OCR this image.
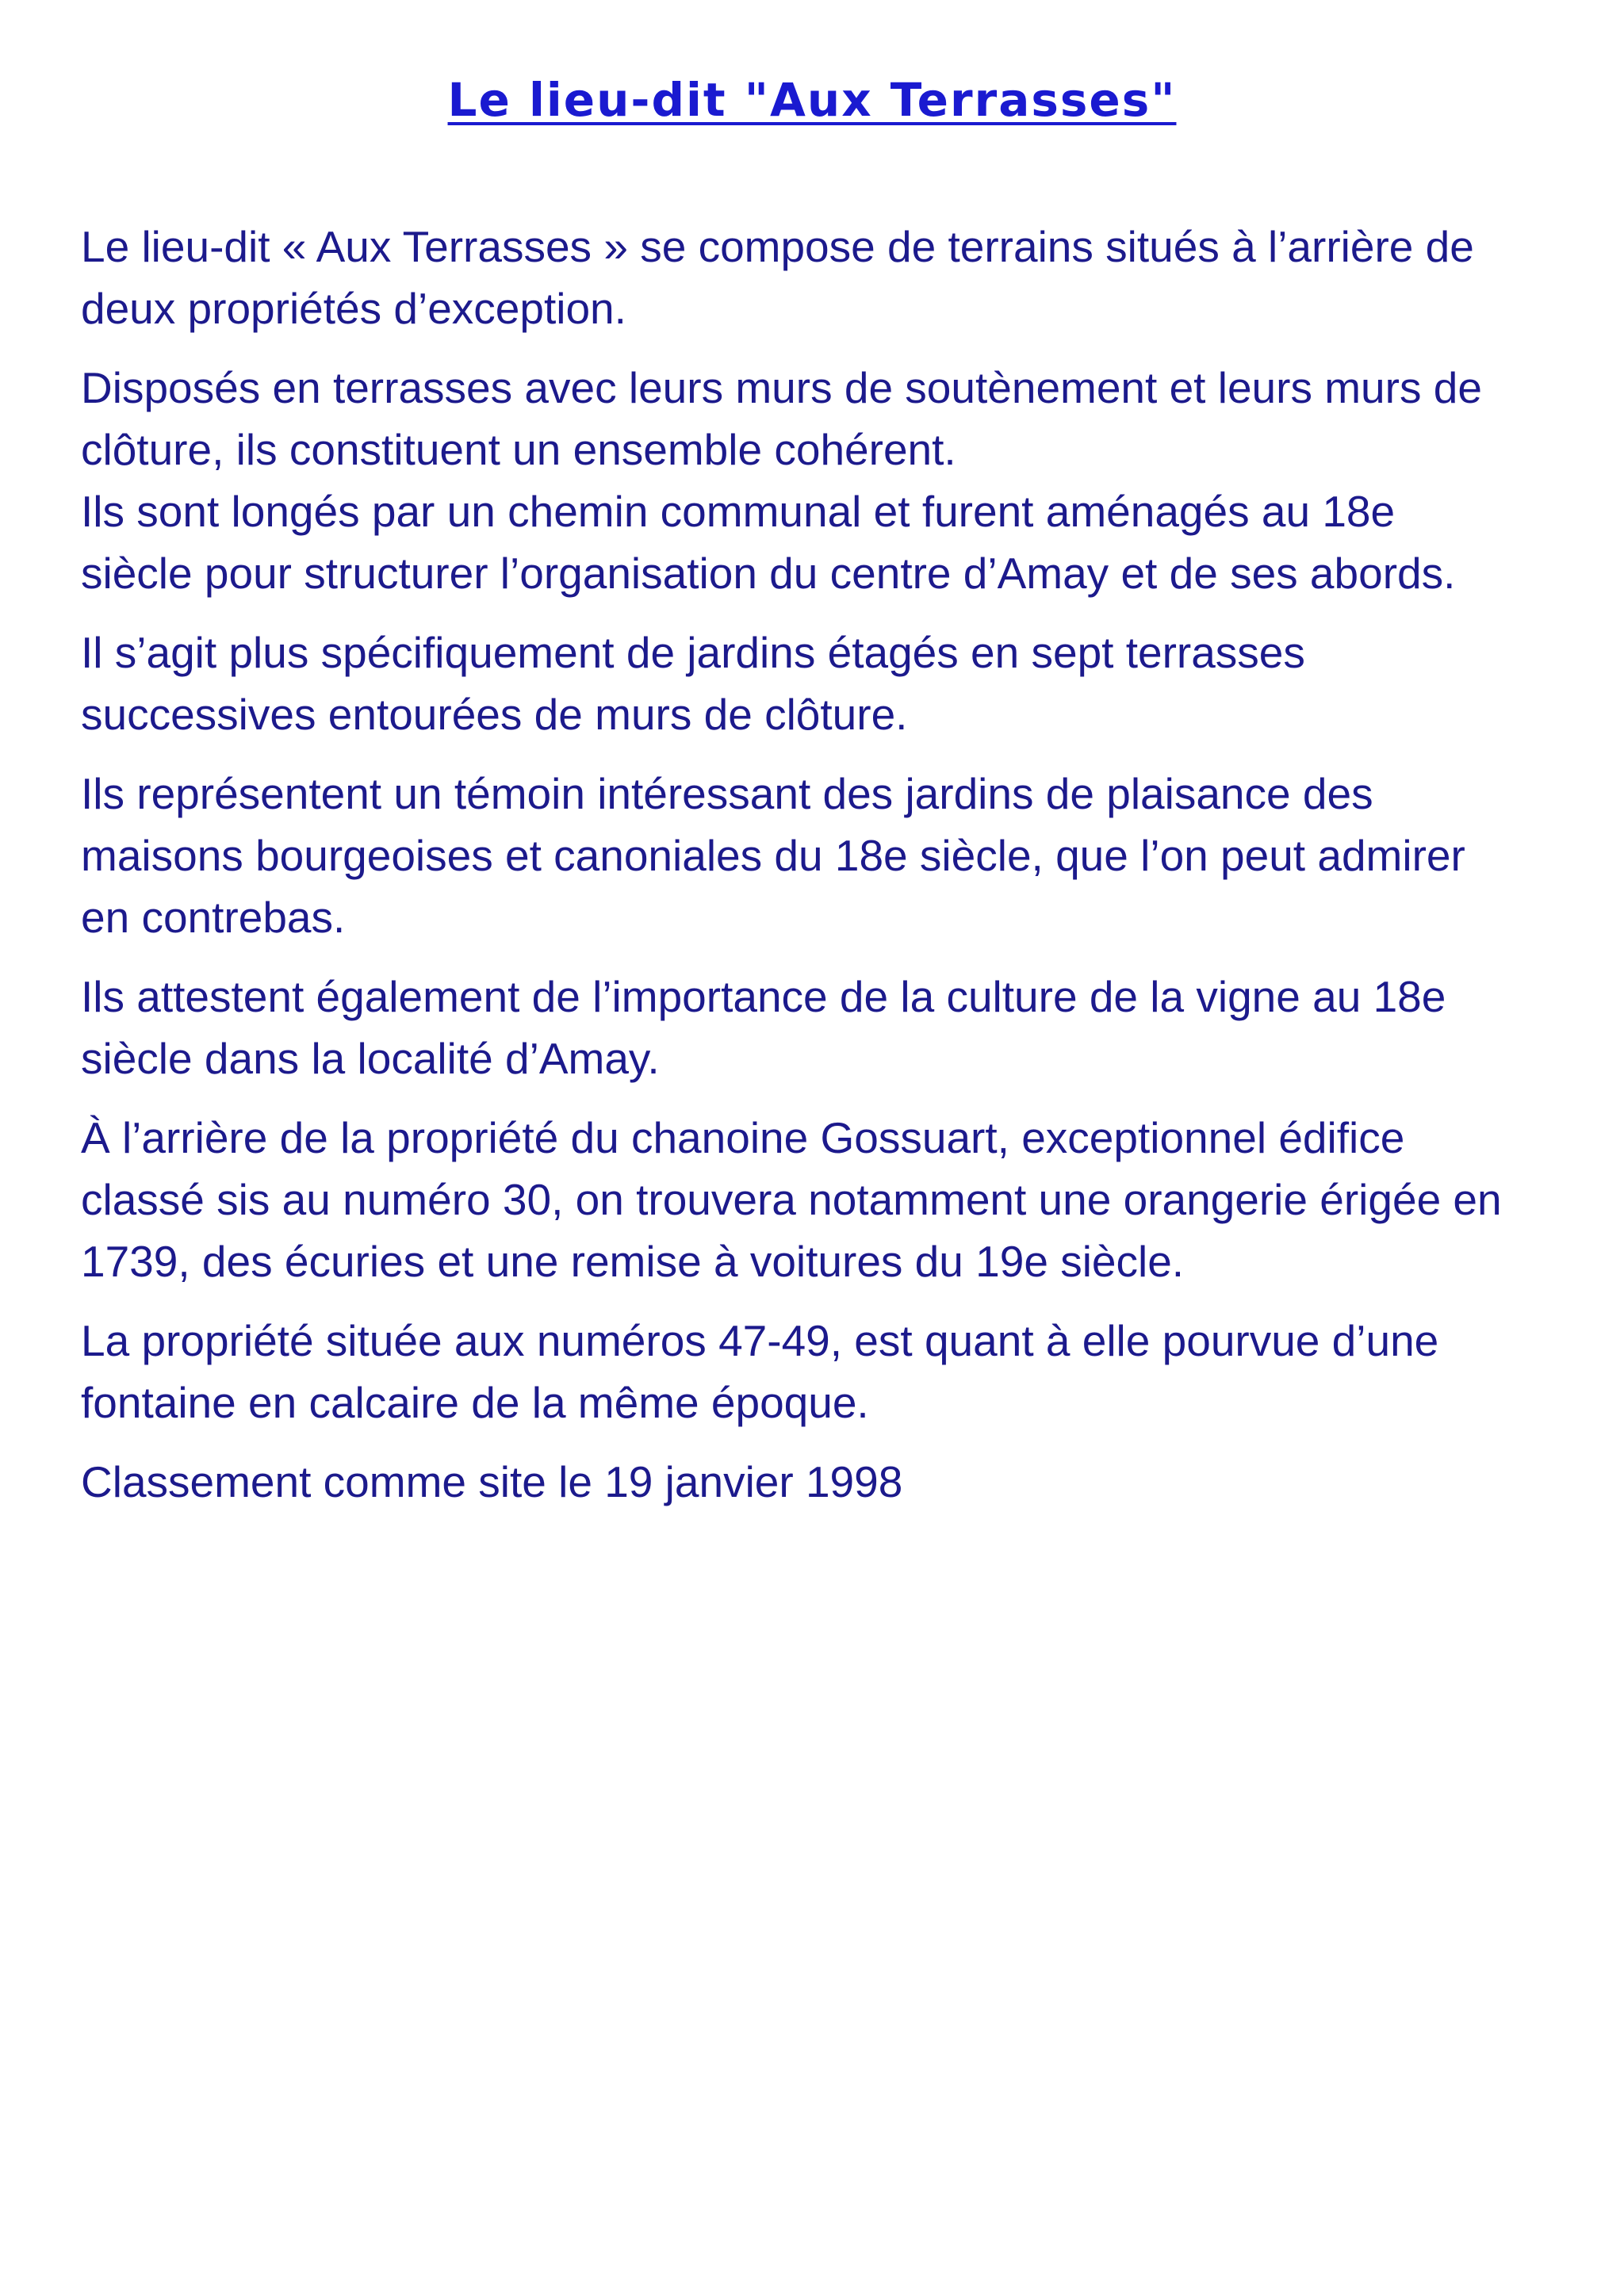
Le lieu-dit "Aux Terrasses"

Le lieu-dit « Aux Terrasses » se compose de terrains situés à l’arrière de
deux propriétés d’exception.

Disposés en terrasses avec leurs murs de soutènement et leurs murs de
clôture, ils constituent un ensemble cohérent.
Ils sont longés par un chemin communal et furent aménagés au 18e
siècle pour structurer l’organisation du centre d’Amay et de ses abords.

Il s’agit plus spécifiquement de jardins étagés en sept terrasses
successives entourées de murs de clôture.

Ils représentent un témoin intéressant des jardins de plaisance des
maisons bourgeoises et canoniales du 18e siècle, que l’on peut admirer
en contrebas.

Ils attestent également de l’importance de la culture de la vigne au 18e
siècle dans la localité d’Amay.

À l’arrière de la propriété du chanoine Gossuart, exceptionnel édifice
classé sis au numéro 30, on trouvera notamment une orangerie érigée en
1739, des écuries et une remise à voitures du 19e siècle.

La propriété située aux numéros 47-49, est quant à elle pourvue d’une
fontaine en calcaire de la même époque.

Classement comme site le 19 janvier 1998
